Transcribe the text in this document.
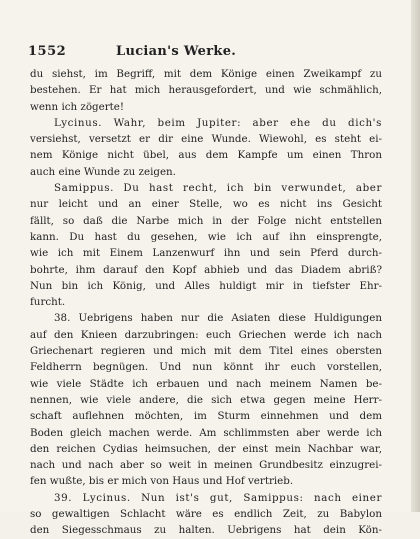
1552	Lucian's Werke.
du siehst, im Begriff, mit dem Könige einen Zweikampf zu
bestehen. Er hat mich herausgefordert, und wie schmählich,
wenn ich zögerte!
Lycinus. Wahr, beim Jupiter: aber ehe du dich's
versiehst, versetzt er dir eine Wunde. Wiewohl, es steht ei-
nem Könige nicht übel, aus dem Kampfe um einen Thron
auch eine Wunde zu zeigen.
Samippus. Du hast recht, ich bin verwundet, aber
nur leicht und an einer Stelle, wo es nicht ins Gesicht
fällt, so daß die Narbe mich in der Folge nicht entstellen
kann. Du hast du gesehen, wie ich auf ihn einsprengte,
wie ich mit Einem Lanzenwurf ihn und sein Pferd durch-
bohrte, ihm darauf den Kopf abhieb und das Diadem abriß?
Nun bin ich König, und Alles huldigt mir in tiefster Ehr-
furcht.
38. Uebrigens haben nur die Asiaten diese Huldigungen
auf den Knieen darzubringen: euch Griechen werde ich nach
Griechenart regieren und mich mit dem Titel eines obersten
Feldherrn begnügen. Und nun könnt ihr euch vorstellen,
wie viele Städte ich erbauen und nach meinem Namen be-
nennen, wie viele andere, die sich etwa gegen meine Herr-
schaft auflehnen möchten, im Sturm einnehmen und dem
Boden gleich machen werde. Am schlimmsten aber werde ich
den reichen Cydias heimsuchen, der einst mein Nachbar war,
nach und nach aber so weit in meinen Grundbesitz einzugrei-
fen wußte, bis er mich von Haus und Hof vertrieb.
39. Lycinus. Nun ist's gut, Samippus: nach einer
so gewaltigen Schlacht wäre es endlich Zeit, zu Babylon
den Siegesschmaus zu halten. Uebrigens hat dein Kön-
